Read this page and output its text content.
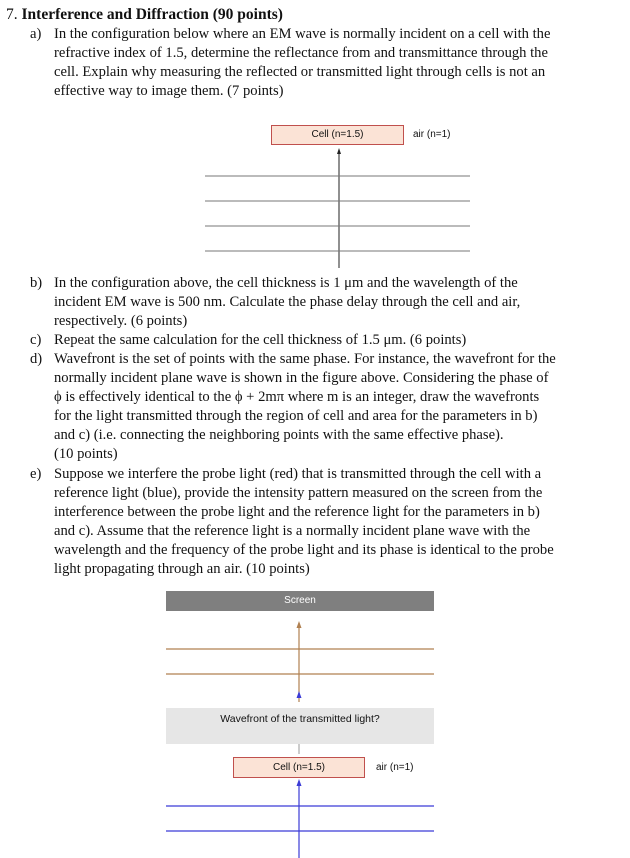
7. Interference and Diffraction (90 points)
a) In the configuration below where an EM wave is normally incident on a cell with the
refractive index of 1.5, determine the reflectance from and transmittance through the
cell. Explain why measuring the reflected or transmitted light through cells is not an
effective way to image them. (7 points)
Cell (n=1.5)	air (n=1)
b) In the configuration above, the cell thickness is 1 μm and the wavelength of the
incident EM wave is 500 nm. Calculate the phase delay through the cell and air,
respectively. (6 points)
c) Repeat the same calculation for the cell thickness of 1.5 μm. (6 points)
d) Wavefront is the set of points with the same phase. For instance, the wavefront for the
normally incident plane wave is shown in the figure above. Considering the phase of
ϕ is effectively identical to the ϕ + 2mπ where m is an integer, draw the wavefronts
for the light transmitted through the region of cell and area for the parameters in b)
and c) (i.e. connecting the neighboring points with the same effective phase).
(10 points)
e) Suppose we interfere the probe light (red) that is transmitted through the cell with a
reference light (blue), provide the intensity pattern measured on the screen from the
interference between the probe light and the reference light for the parameters in b)
and c). Assume that the reference light is a normally incident plane wave with the
wavelength and the frequency of the probe light and its phase is identical to the probe
light propagating through an air. (10 points)
Screen
Wavefront of the transmitted light?
Cell (n=1.5)	air (n=1)
